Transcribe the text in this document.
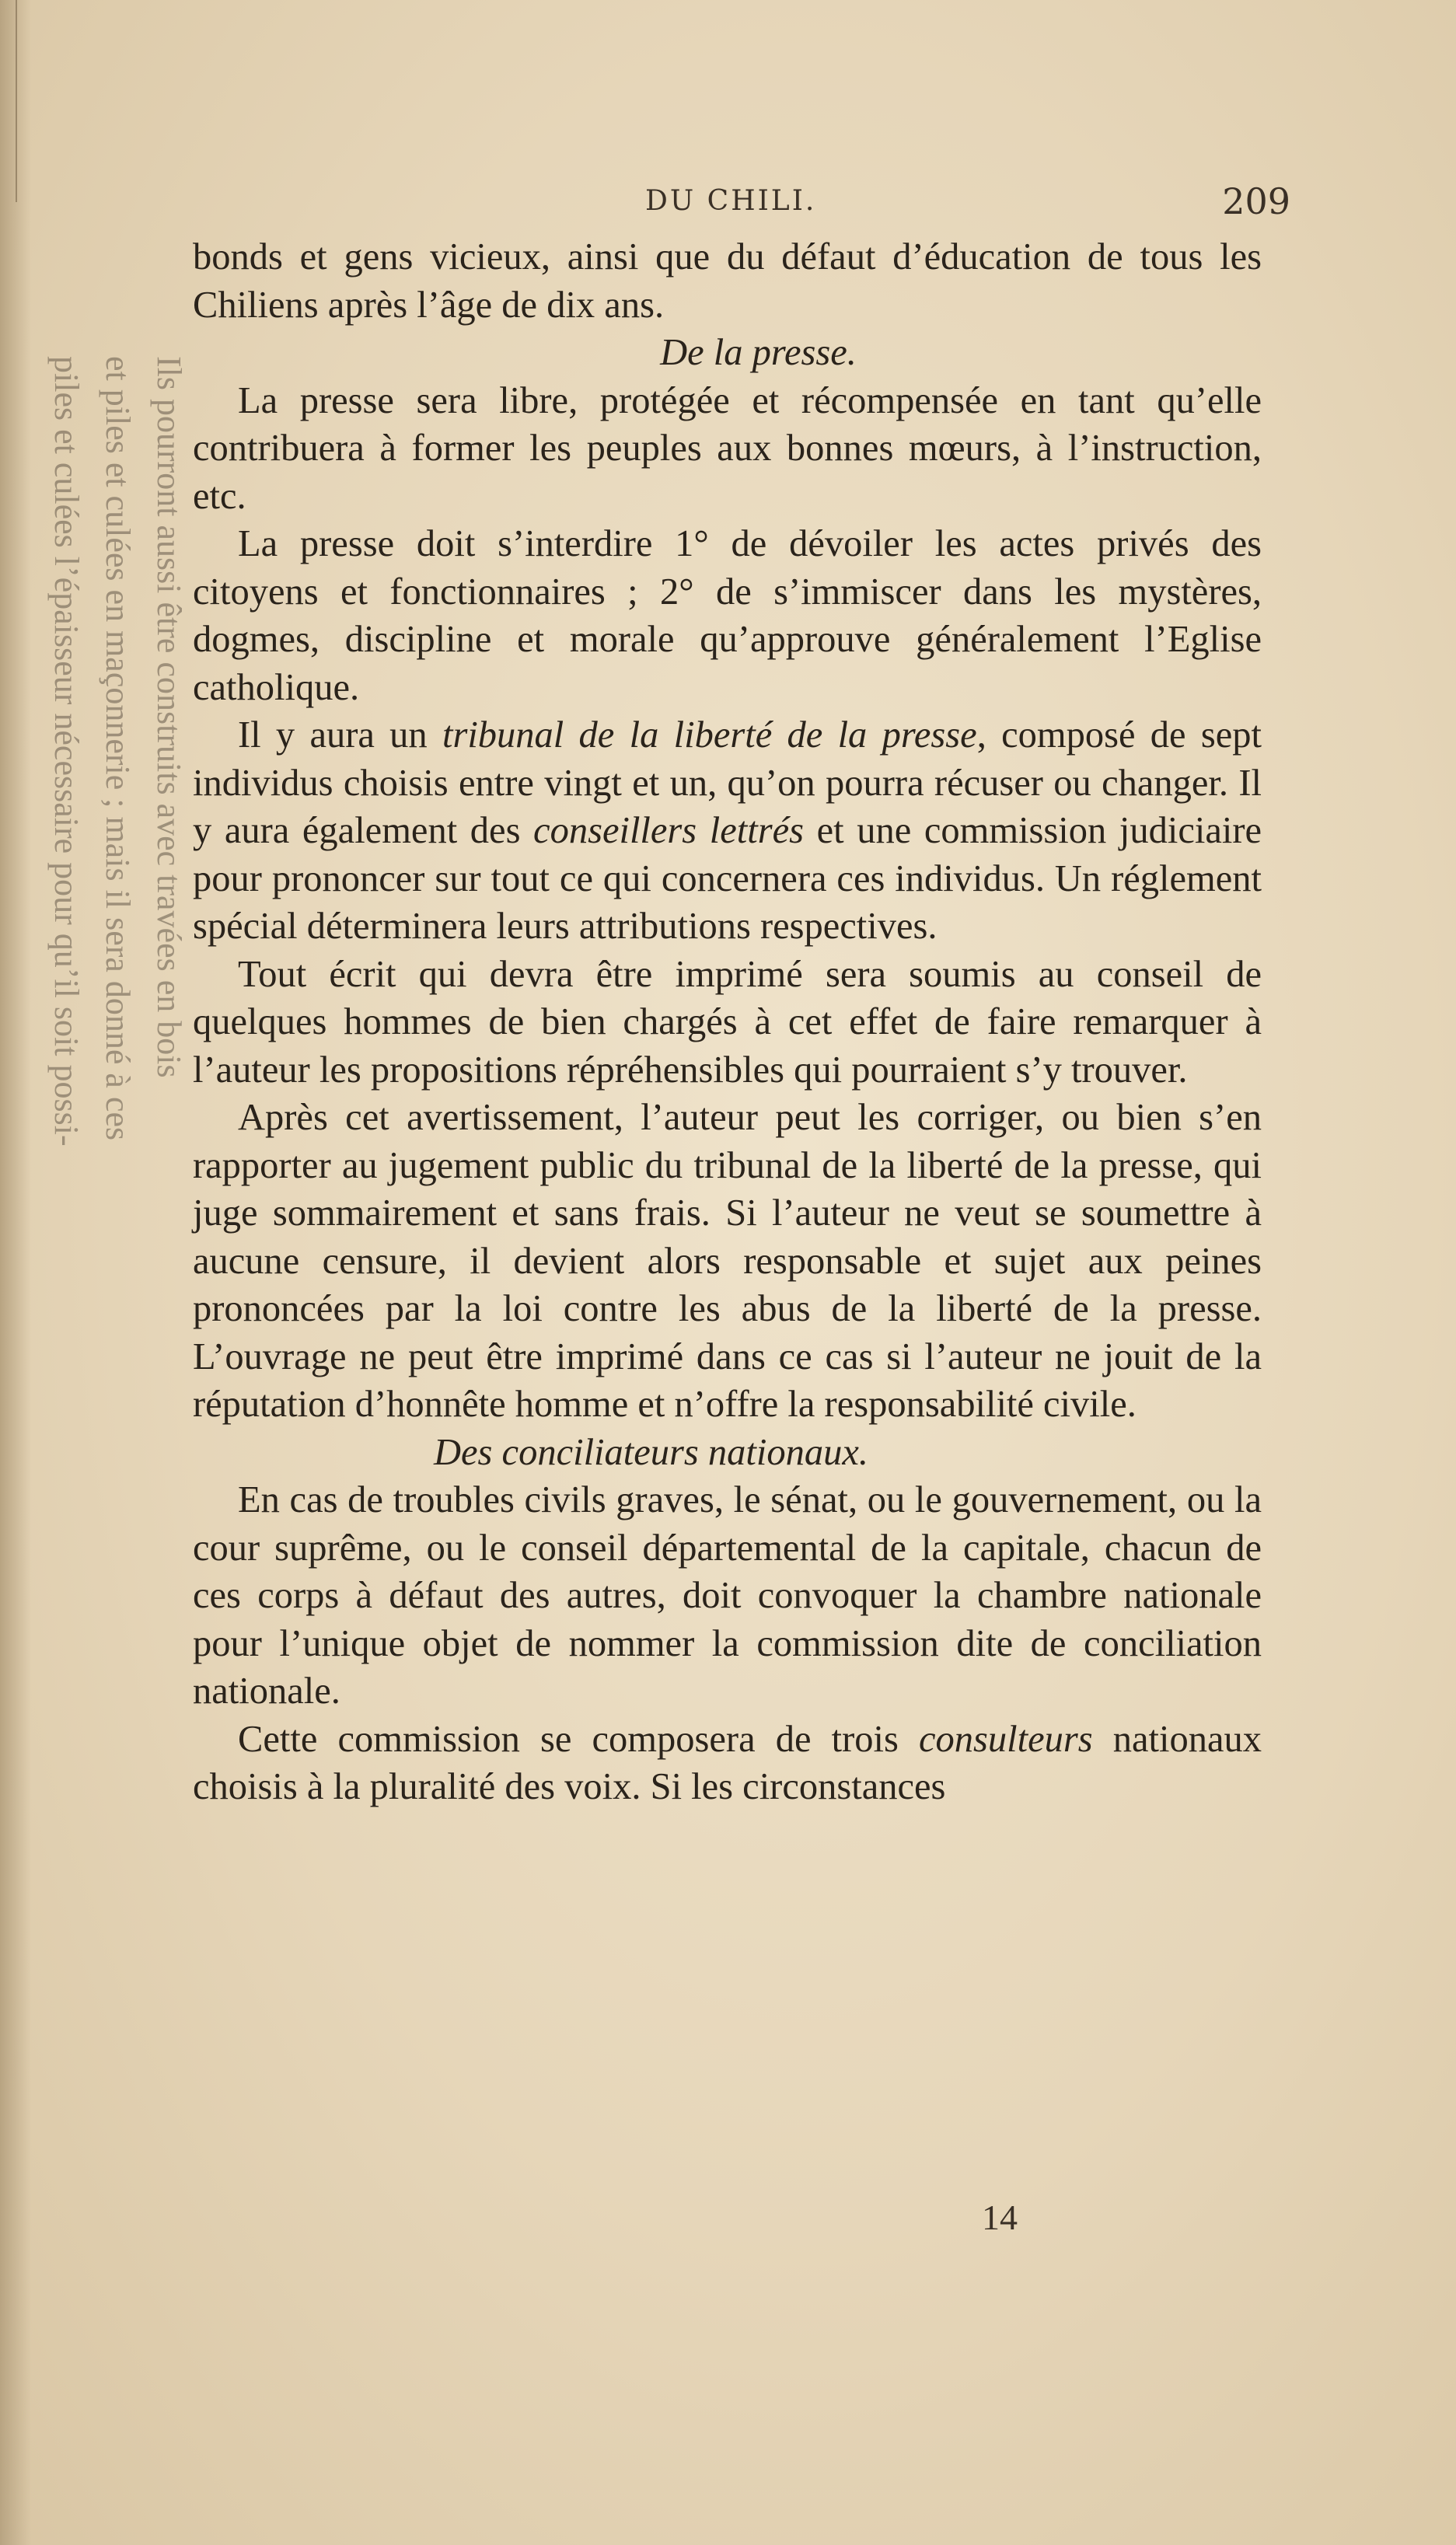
Ils pourront aussi être construits avec travées en bois
et piles et culées en maçonnerie ; mais il sera donné à ces
piles et culées l’épaisseur nécessaire pour qu’il soit possi-
DU CHILI.	209

bonds et gens vicieux, ainsi que du défaut d’éducation de tous les Chiliens après l’âge de dix ans.

De la presse.

La presse sera libre, protégée et récompensée en tant qu’elle contribuera à former les peuples aux bonnes mœurs, à l’instruction, etc.

La presse doit s’interdire 1° de dévoiler les actes privés des citoyens et fonctionnaires ; 2° de s’immiscer dans les mystères, dogmes, discipline et morale qu’approuve généralement l’Eglise catholique.

Il y aura un tribunal de la liberté de la presse, composé de sept individus choisis entre vingt et un, qu’on pourra récuser ou changer. Il y aura également des conseillers lettrés et une commission judiciaire pour prononcer sur tout ce qui concernera ces individus. Un réglement spécial déterminera leurs attributions respectives.

Tout écrit qui devra être imprimé sera soumis au conseil de quelques hommes de bien chargés à cet effet de faire remarquer à l’auteur les propositions répréhensibles qui pourraient s’y trouver.

Après cet avertissement, l’auteur peut les corriger, ou bien s’en rapporter au jugement public du tribunal de la liberté de la presse, qui juge sommairement et sans frais. Si l’auteur ne veut se soumettre à aucune censure, il devient alors responsable et sujet aux peines prononcées par la loi contre les abus de la liberté de la presse. L’ouvrage ne peut être imprimé dans ce cas si l’auteur ne jouit de la réputation d’honnête homme et n’offre la responsabilité civile.

Des conciliateurs nationaux.

En cas de troubles civils graves, le sénat, ou le gouvernement, ou la cour suprême, ou le conseil départemental de la capitale, chacun de ces corps à défaut des autres, doit convoquer la chambre nationale pour l’unique objet de nommer la commission dite de conciliation nationale.

Cette commission se composera de trois consulteurs nationaux choisis à la pluralité des voix. Si les circonstances

14
